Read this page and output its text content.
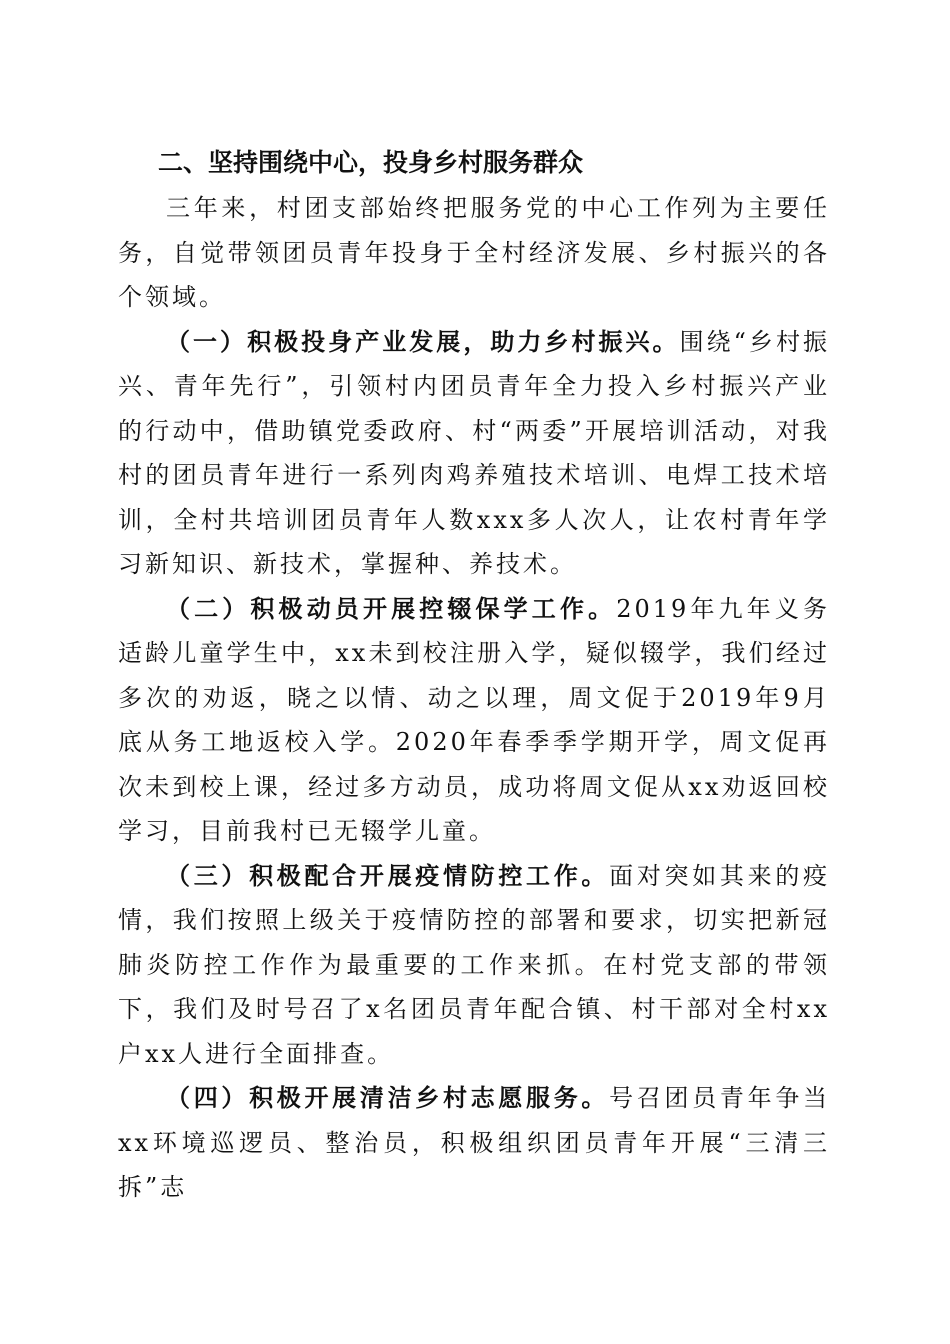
二、坚持围绕中心，投身乡村服务群众

三年来，村团支部始终把服务党的中心工作列为主要任务，自觉带领团员青年投身于全村经济发展、乡村振兴的各个领域。

（一）积极投身产业发展，助力乡村振兴。围绕“乡村振兴、青年先行”，引领村内团员青年全力投入乡村振兴产业的行动中，借助镇党委政府、村“两委”开展培训活动，对我村的团员青年进行一系列肉鸡养殖技术培训、电焊工技术培训，全村共培训团员青年人数xxx多人次人，让农村青年学习新知识、新技术，掌握种、养技术。

（二）积极动员开展控辍保学工作。2019年九年义务适龄儿童学生中，xx未到校注册入学，疑似辍学，我们经过多次的劝返，晓之以情、动之以理，周文促于2019年9月底从务工地返校入学。2020年春季季学期开学，周文促再次未到校上课，经过多方动员，成功将周文促从xx劝返回校学习，目前我村已无辍学儿童。

（三）积极配合开展疫情防控工作。面对突如其来的疫情，我们按照上级关于疫情防控的部署和要求，切实把新冠肺炎防控工作作为最重要的工作来抓。在村党支部的带领下，我们及时号召了x名团员青年配合镇、村干部对全村xx户xx人进行全面排查。

（四）积极开展清洁乡村志愿服务。号召团员青年争当xx环境巡逻员、整治员，积极组织团员青年开展“三清三拆”志
